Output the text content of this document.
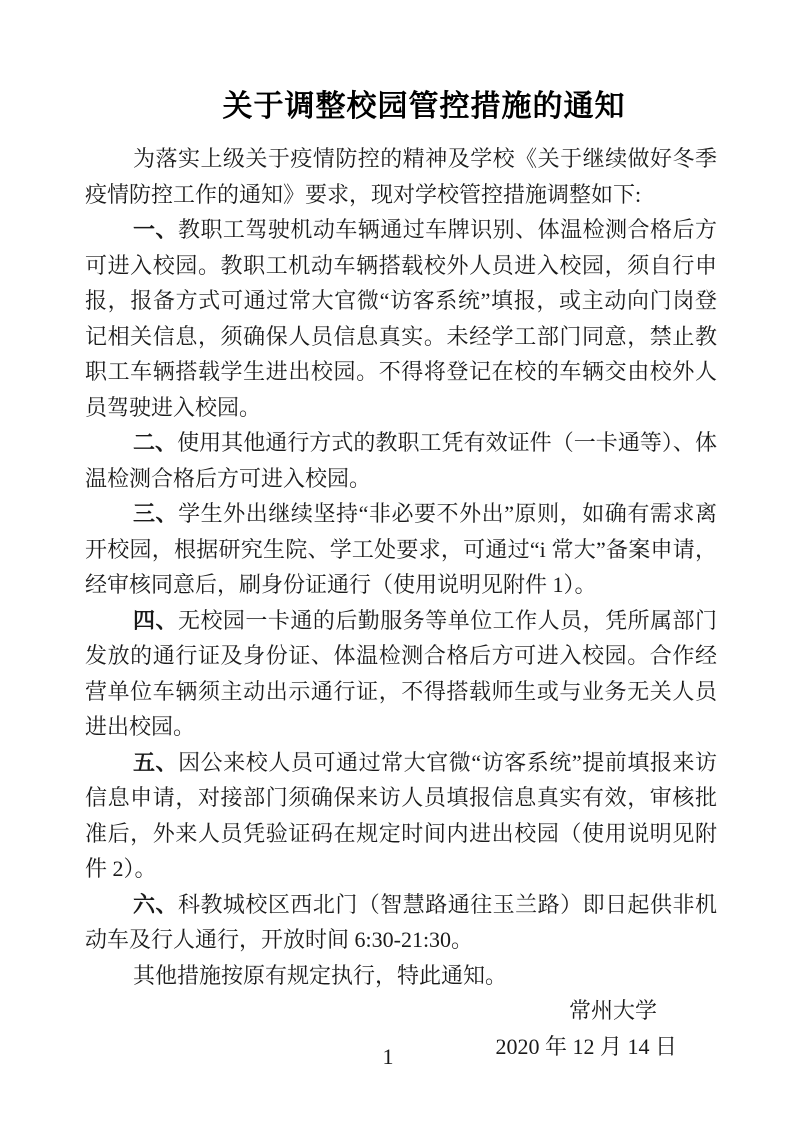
关于调整校园管控措施的通知

为落实上级关于疫情防控的精神及学校《关于继续做好冬季疫情防控工作的通知》要求，现对学校管控措施调整如下:

一、教职工驾驶机动车辆通过车牌识别、体温检测合格后方可进入校园。教职工机动车辆搭载校外人员进入校园，须自行申报，报备方式可通过常大官微“访客系统”填报，或主动向门岗登记相关信息，须确保人员信息真实。未经学工部门同意，禁止教职工车辆搭载学生进出校园。不得将登记在校的车辆交由校外人员驾驶进入校园。

二、使用其他通行方式的教职工凭有效证件（一卡通等）、体温检测合格后方可进入校园。

三、学生外出继续坚持“非必要不外出”原则，如确有需求离开校园，根据研究生院、学工处要求，可通过“i 常大”备案申请，经审核同意后，刷身份证通行（使用说明见附件 1）。

四、无校园一卡通的后勤服务等单位工作人员，凭所属部门发放的通行证及身份证、体温检测合格后方可进入校园。合作经营单位车辆须主动出示通行证，不得搭载师生或与业务无关人员进出校园。

五、因公来校人员可通过常大官微“访客系统”提前填报来访信息申请，对接部门须确保来访人员填报信息真实有效，审核批准后，外来人员凭验证码在规定时间内进出校园（使用说明见附件 2）。

六、科教城校区西北门（智慧路通往玉兰路）即日起供非机动车及行人通行，开放时间 6:30-21:30。

其他措施按原有规定执行，特此通知。

常州大学
2020 年 12 月 14 日
1
